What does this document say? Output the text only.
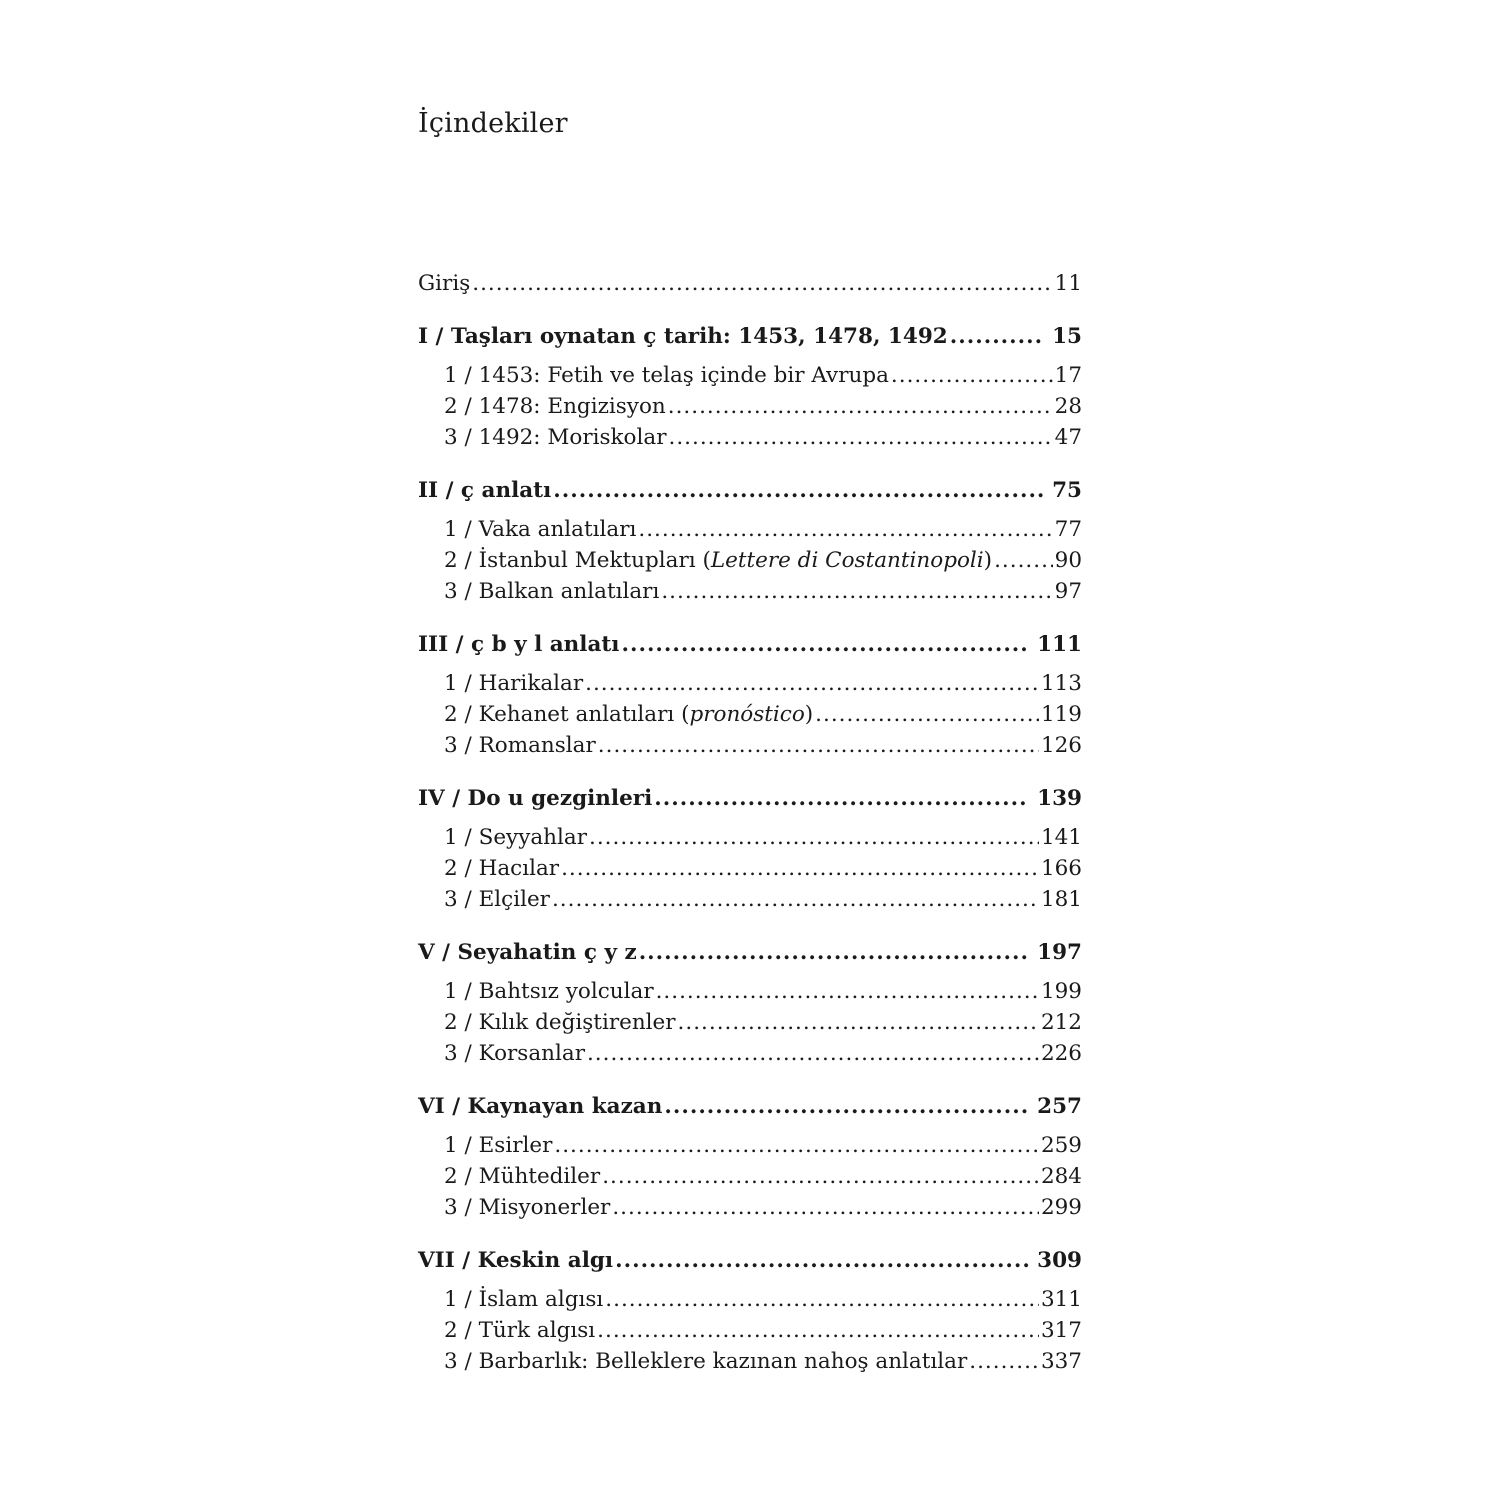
İçindekiler
Giriş .....	11
I / Taşları oynatan ç tarih: 1453, 1478, 1492 .....	15
1 / 1453: Fetih ve telaş içinde bir Avrupa .....	17
2 / 1478: Engizisyon .....	28
3 / 1492: Moriskolar .....	47
II / ç anlatı .....	75
1 / Vaka anlatıları .....	77
2 / İstanbul Mektupları (Lettere di Costantinopoli) .....	90
3 / Balkan anlatıları .....	97
III / ç b y l anlatı .....	111
1 / Harikalar .....	113
2 / Kehanet anlatıları (pronóstico) .....	119
3 / Romanslar .....	126
IV / Do u gezginleri .....	139
1 / Seyyahlar .....	141
2 / Hacılar .....	166
3 / Elçiler .....	181
V / Seyahatin ç y z .....	197
1 / Bahtsız yolcular .....	199
2 / Kılık değiştirenler .....	212
3 / Korsanlar .....	226
VI / Kaynayan kazan .....	257
1 / Esirler .....	259
2 / Mühtediler .....	284
3 / Misyonerler .....	299
VII / Keskin algı .....	309
1 / İslam algısı .....	311
2 / Türk algısı .....	317
3 / Barbarlık: Belleklere kazınan nahoş anlatılar .....	337
